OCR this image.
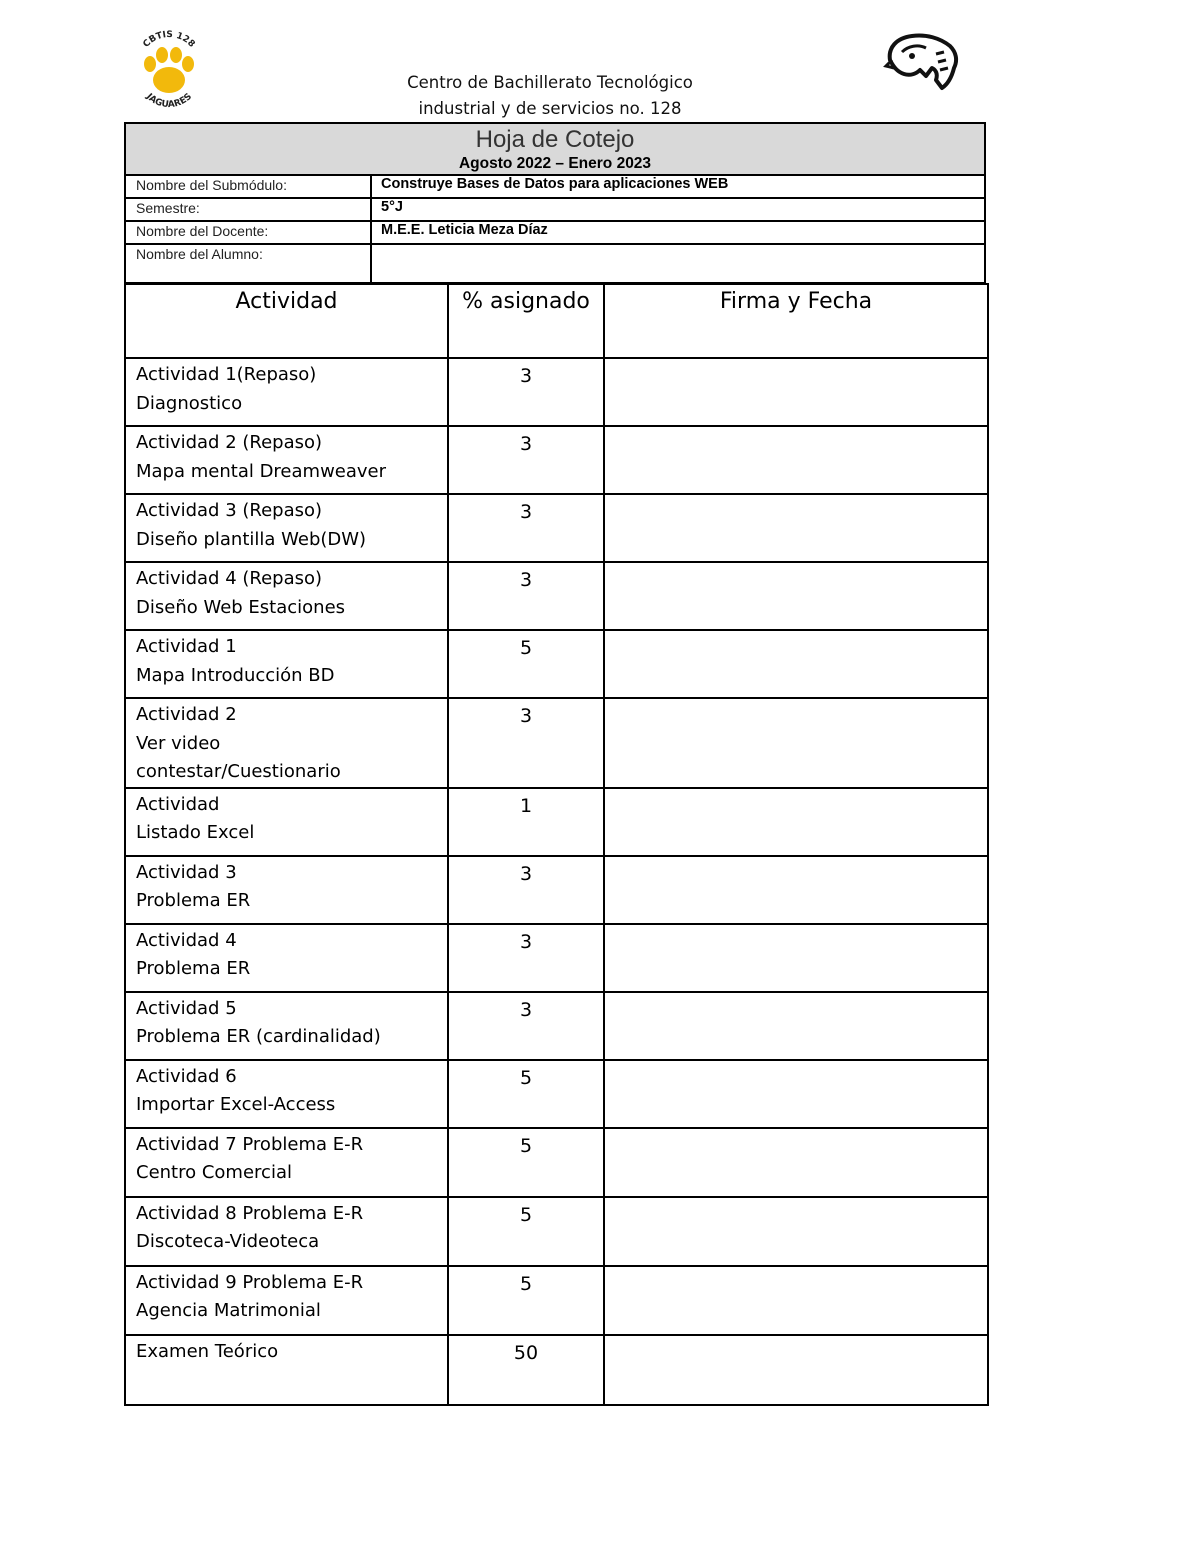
CBTIS 128
JAGUARES
Centro de Bachillerato Tecnológico
industrial y de servicios no. 128
Hoja de Cotejo
Agosto 2022 – Enero 2023
Nombre del Submódulo:	Construye Bases de Datos para aplicaciones WEB
Semestre:	5°J
Nombre del Docente:	M.E.E. Leticia Meza Díaz
Nombre del Alumno:
Actividad	% asignado	Firma y Fecha
Actividad 1(Repaso)
Diagnostico	3	
Actividad 2 (Repaso)
Mapa mental Dreamweaver	3	
Actividad 3 (Repaso)
Diseño plantilla Web(DW)	3	
Actividad 4 (Repaso)
Diseño Web Estaciones	3	
Actividad 1
Mapa Introducción BD	5	
Actividad 2
Ver video
contestar/Cuestionario	3	
Actividad
Listado Excel	1	
Actividad 3
Problema ER	3	
Actividad 4
Problema ER	3	
Actividad 5
Problema ER (cardinalidad)	3	
Actividad 6
Importar Excel-Access	5	
Actividad 7 Problema E-R
Centro Comercial	5	
Actividad 8 Problema E-R
Discoteca-Videoteca	5	
Actividad 9 Problema E-R
Agencia Matrimonial	5	
Examen Teórico	50	
